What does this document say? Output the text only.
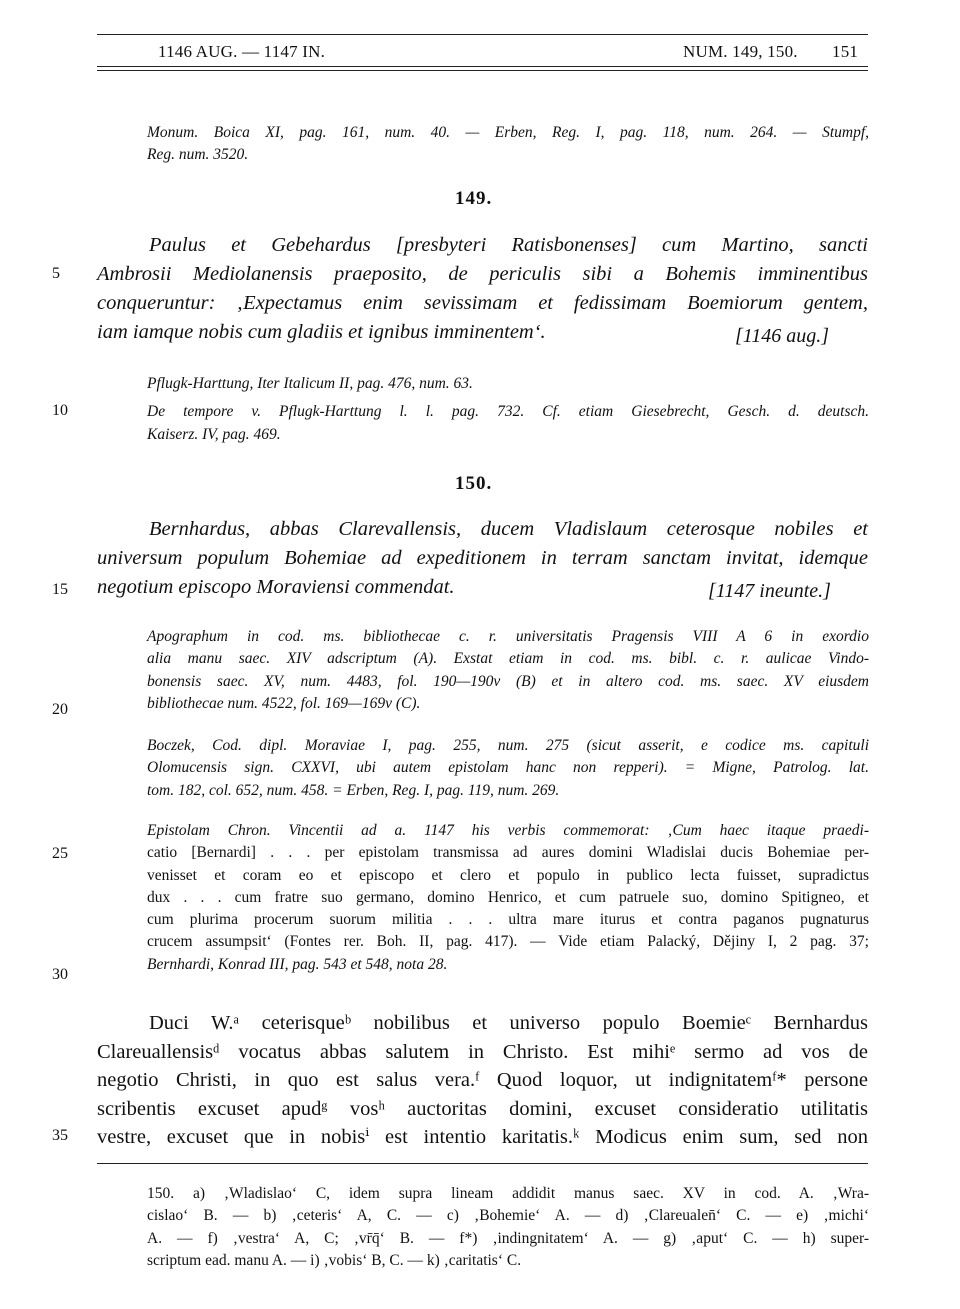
1146 AUG. — 1147 IN.	NUM. 149, 150. 151
5
10
15
20
25
30
35
Monum. Boica XI, pag. 161, num. 40. — Erben, Reg. I, pag. 118, num. 264. — Stumpf,
Reg. num. 3520.
149.
Paulus et Gebehardus [presbyteri Ratisbonenses] cum Martino, sancti
Ambrosii Mediolanensis praeposito, de periculis sibi a Bohemis imminentibus
conqueruntur: ‚Expectamus enim sevissimam et fedissimam Boemiorum gentem,
iam iamque nobis cum gladiis et ignibus imminentem‘.	[1146 aug.]
Pflugk-Harttung, Iter Italicum II, pag. 476, num. 63.
De tempore v. Pflugk-Harttung l. l. pag. 732. Cf. etiam Giesebrecht, Gesch. d. deutsch.
Kaiserz. IV, pag. 469.
150.
Bernhardus, abbas Clarevallensis, ducem Vladislaum ceterosque nobiles et
universum populum Bohemiae ad expeditionem in terram sanctam invitat, idemque
negotium episcopo Moraviensi commendat.	[1147 ineunte.]
Apographum in cod. ms. bibliothecae c. r. universitatis Pragensis VIII A 6 in exordio
alia manu saec. XIV adscriptum (A). Exstat etiam in cod. ms. bibl. c. r. aulicae Vindo-
bonensis saec. XV, num. 4483, fol. 190—190v (B) et in altero cod. ms. saec. XV eiusdem
bibliothecae num. 4522, fol. 169—169v (C).
Boczek, Cod. dipl. Moraviae I, pag. 255, num. 275 (sicut asserit, e codice ms. capituli
Olomucensis sign. CXXVI, ubi autem epistolam hanc non repperi). = Migne, Patrolog. lat.
tom. 182, col. 652, num. 458. = Erben, Reg. I, pag. 119, num. 269.
Epistolam Chron. Vincentii ad a. 1147 his verbis commemorat: ‚Cum haec itaque praedi-
catio [Bernardi] . . . per epistolam transmissa ad aures domini Wladislai ducis Bohemiae per-
venisset et coram eo et episcopo et clero et populo in publico lecta fuisset, supradictus
dux . . . cum fratre suo germano, domino Henrico, et cum patruele suo, domino Spitigneo, et
cum plurima procerum suorum militia . . . ultra mare iturus et contra paganos pugnaturus
crucem assumpsit‘ (Fontes rer. Boh. II, pag. 417). — Vide etiam Palacký, Dějiny I, 2 pag. 37;
Bernhardi, Konrad III, pag. 543 et 548, nota 28.
Duci W.ᵃ ceterisqueᵇ nobilibus et universo populo Boemieᶜ Bernhardus
Clareuallensisᵈ vocatus abbas salutem in Christo. Est mihiᵉ sermo ad vos de
negotio Christi, in quo est salus vera.ᶠ Quod loquor, ut indignitatemᶠ* persone
scribentis excuset apudᵍ vosʰ auctoritas domini, excuset consideratio utilitatis
vestre, excuset que in nobisⁱ est intentio karitatis.ᵏ Modicus enim sum, sed non
150. a) ‚Wladislao‘ C, idem supra lineam addidit manus saec. XV in cod. A. ‚Wra-
cislao‘ B. — b) ‚ceteris‘ A, C. — c) ‚Bohemie‘ A. — d) ‚Clareualen̄‘ C. — e) ‚michi‘
A. — f) ‚vestra‘ A, C; ‚vr̄q̄‘ B. — f*) ‚indingnitatem‘ A. — g) ‚aput‘ C. — h) super-
scriptum ead. manu A. — i) ‚vobis‘ B, C. — k) ‚caritatis‘ C.
